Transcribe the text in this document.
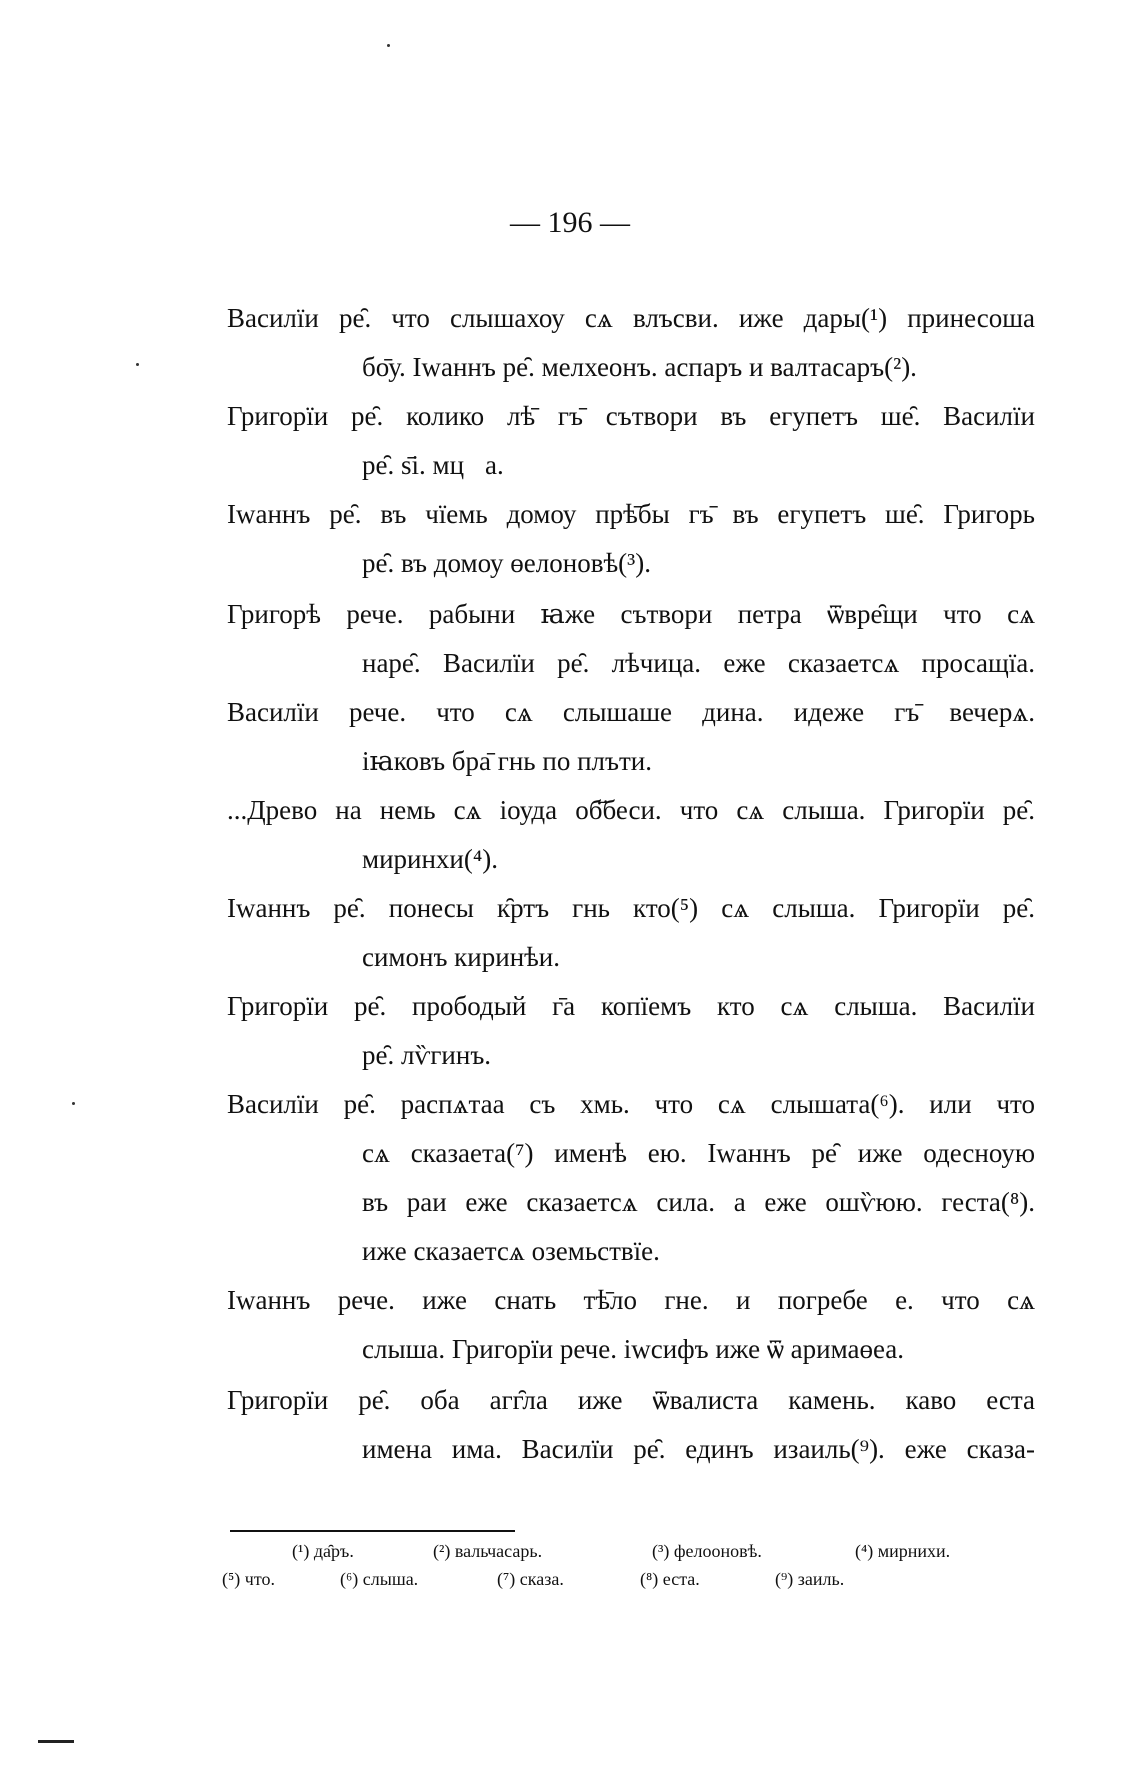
— 196 —
Василїи ре̑. что слышахоу сѧ влъсви. иже дары(¹) принесоша
бо̄у. Iwаннъ ре̑. мелхеонъ. аспаръ и валтасаръ(²).
Григорїи ре̑. колико лѣ̄ гъ̄ сътвори въ егупетъ ше̑. Василїи
ре̑. ѕ̄і. мцⷭа.
Iwаннъ ре̑. въ чїемь домоу прѣ̄бы гъ̄ въ егупетъ ше̑. Григорь
ре̑. въ домоу өелоновѣ(³).
Григорѣ рече. рабыни ꙗже сътвори петра ѿвре̑щи что сѧ
наре̑. Василїи ре̑. лѣчица. еже сказаетсѧ просащїа.
Василїи рече. что сѧ слышаше дина. идеже гъ̄ вечерѧ.
iꙗковъ бра̄ гнь по плъти.
...Древо на немь сѧ iоуда об҃беси. что сѧ слыша. Григорїи ре̑.
миринхи(⁴).
Iwаннъ ре̑. понесы к̑ртъ гнь кто(⁵) сѧ слыша. Григорїи ре̑.
симонъ киринѣи.
Григорїи ре̑. прободый г̄а копїемъ кто сѧ слыша. Василїи
ре̑. лѷгинъ.
Василїи ре̑. распѧтаа съ хмь. что сѧ слышата(⁶). или что
сѧ сказаета(⁷) именѣ ею. Iwаннъ ре̑ иже одесноую
въ раи еже сказаетсѧ сила. а еже ошѷюю. геста(⁸).
иже сказаетсѧ оземьствїе.
Iwаннъ рече. иже снать тѣ̄ло гне. и погребе е. что сѧ
слыша. Григорїи рече. iwсифъ иже ѿ аримаөеа.
Григорїи ре̑. оба агг̑ла иже ѿвалиста камень. каво еста
имена има. Василїи ре̑. единъ изаиль(⁹). еже сказа-
(¹) да̑ръ.	(²) вальчасарь.	(³) фелооновѣ.	(⁴) мирнихи.
(⁵) что.	(⁶) слыша.	(⁷) сказа.	(⁸) еста.	(⁹) заиль.
